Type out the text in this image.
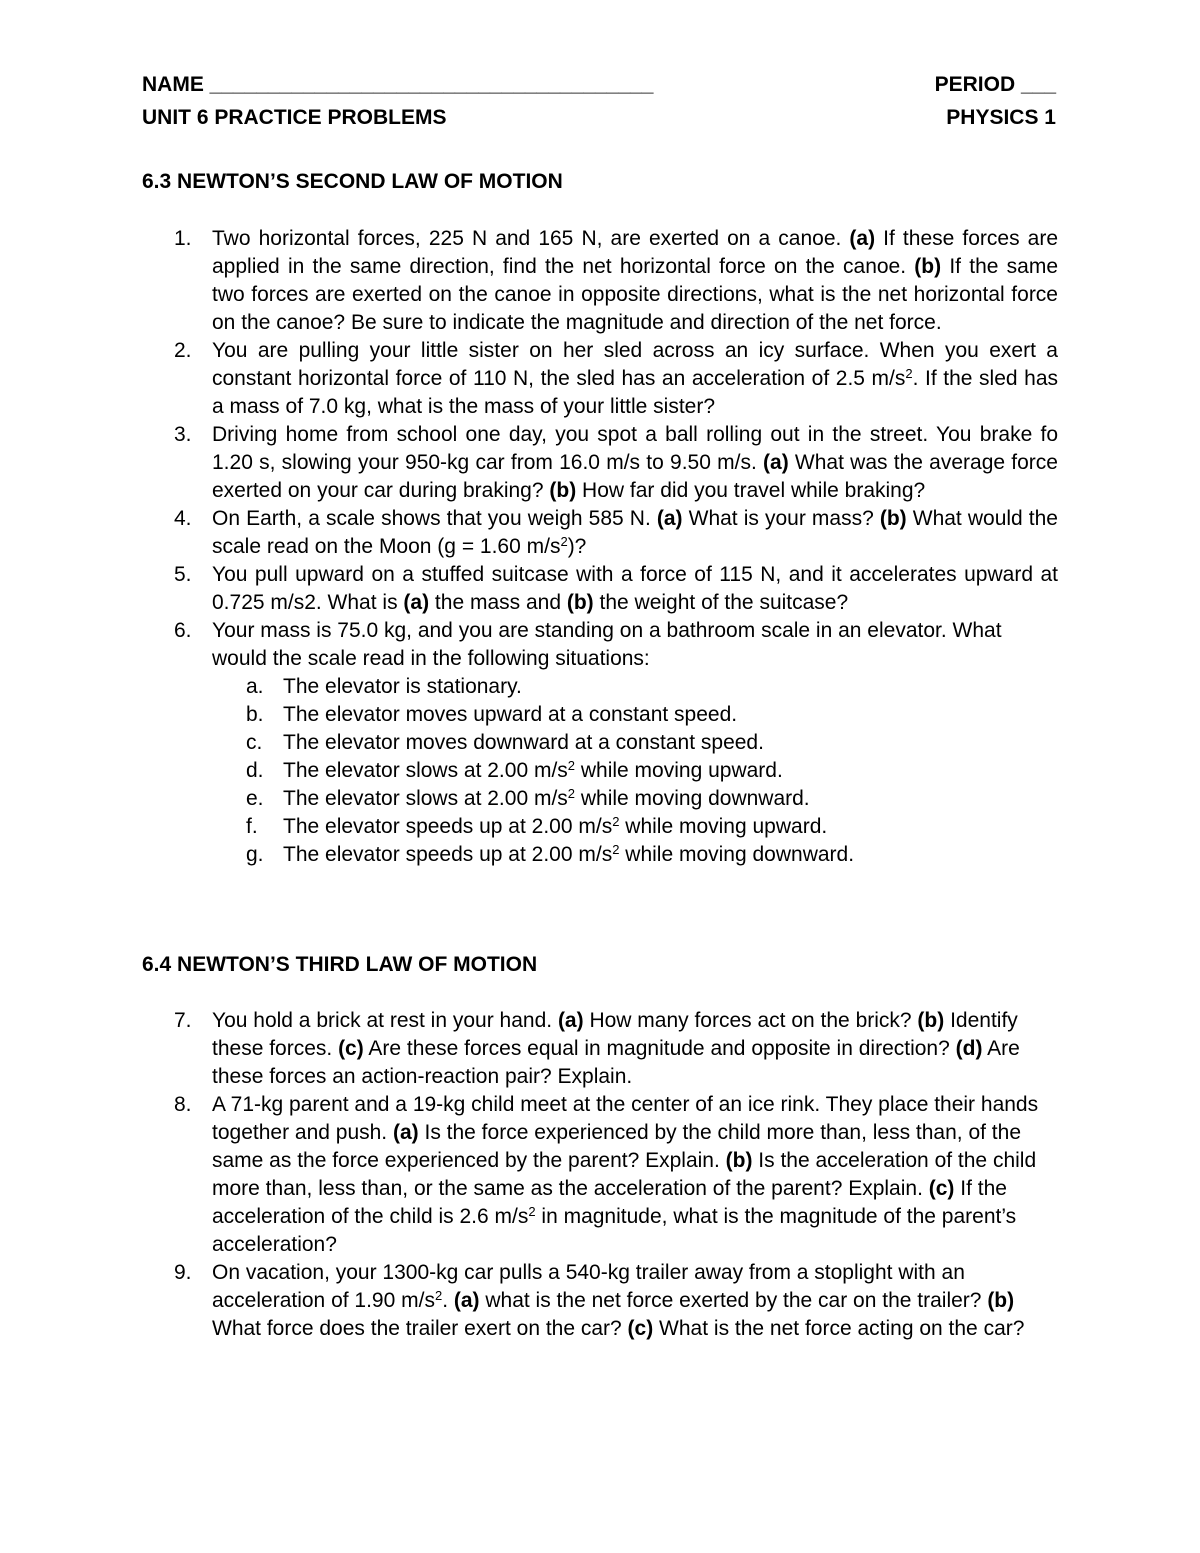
NAME ______________________________________	PERIOD ___
UNIT 6 PRACTICE PROBLEMS	PHYSICS 1
6.3 NEWTON’S SECOND LAW OF MOTION
1. Two horizontal forces, 225 N and 165 N, are exerted on a canoe. (a) If these forces are applied in the same direction, find the net horizontal force on the canoe. (b) If the same two forces are exerted on the canoe in opposite directions, what is the net horizontal force on the canoe? Be sure to indicate the magnitude and direction of the net force.
2. You are pulling your little sister on her sled across an icy surface. When you exert a constant horizontal force of 110 N, the sled has an acceleration of 2.5 $m/s^2$. If the sled has a mass of 7.0 kg, what is the mass of your little sister?
3. Driving home from school one day, you spot a ball rolling out in the street. You brake fo 1.20 s, slowing your 950-kg car from 16.0 m/s to 9.50 m/s. (a) What was the average force exerted on your car during braking? (b) How far did you travel while braking?
4. On Earth, a scale shows that you weigh 585 N. (a) What is your mass? (b) What would the scale read on the Moon (g = 1.60 $m/s^2$)?
5. You pull upward on a stuffed suitcase with a force of 115 N, and it accelerates upward at 0.725 m/s2. What is (a) the mass and (b) the weight of the suitcase?
6. Your mass is 75.0 kg, and you are standing on a bathroom scale in an elevator. What would the scale read in the following situations:
a. The elevator is stationary.
b. The elevator moves upward at a constant speed.
c. The elevator moves downward at a constant speed.
d. The elevator slows at 2.00 $m/s^2$ while moving upward.
e. The elevator slows at 2.00 $m/s^2$ while moving downward.
f. The elevator speeds up at 2.00 $m/s^2$ while moving upward.
g. The elevator speeds up at 2.00 $m/s^2$ while moving downward.
6.4 NEWTON’S THIRD LAW OF MOTION
7. You hold a brick at rest in your hand. (a) How many forces act on the brick? (b) Identify these forces. (c) Are these forces equal in magnitude and opposite in direction? (d) Are these forces an action-reaction pair? Explain.
8. A 71-kg parent and a 19-kg child meet at the center of an ice rink. They place their hands together and push. (a) Is the force experienced by the child more than, less than, of the same as the force experienced by the parent? Explain. (b) Is the acceleration of the child more than, less than, or the same as the acceleration of the parent? Explain. (c) If the acceleration of the child is 2.6 $m/s^2$ in magnitude, what is the magnitude of the parent’s acceleration?
9. On vacation, your 1300-kg car pulls a 540-kg trailer away from a stoplight with an acceleration of 1.90 $m/s^2$. (a) what is the net force exerted by the car on the trailer? (b) What force does the trailer exert on the car? (c) What is the net force acting on the car?
